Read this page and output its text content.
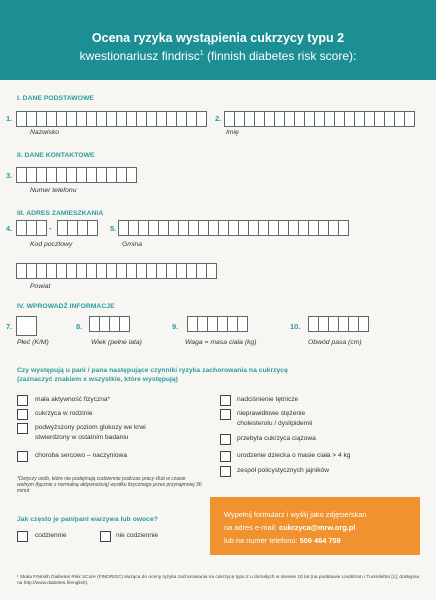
Ocena ryzyka wystąpienia cukrzycy typu 2
kwestionariusz findrisc$^1$ (finnish diabetes risk score):
I. DANE PODSTAWOWE
1.
Nazwisko
2.
Imię
II. DANE KONTAKTOWE
3.
Numer telefonu
III. ADRES ZAMIESZKANIA
4.	-
Kod pocztowy
5.
Gmina
Powiat
IV. WPROWADŹ INFORMACJE
7.
Płeć (K/M)
8.
Wiek (pełne lata)
9.
Waga = masa ciała (kg)
10.
Obwód pasa (cm)
Czy występują u pani / pana następujące czynniki ryzyka zachorowania na cukrzycę
(zaznaczyć znakiem x wszystkie, które występują)
mała aktywność fizyczna*
cukrzyca w rodzinie
podwyższony poziom glukozy we krwi
stwierdzony w ostatnim badaniu
choroba sercowo – naczyniowa
nadciśnienie tętnicze
nieprawidłowe stężenie
cholesterolu / dyslipidemii
przebyta cukrzyca ciążowa
urodzenie dziecka o masie ciała > 4 kg
zespół policystycznych jajników
*Dotyczy osób, które nie podejmują codziennie podczas pracy i/lub w czasie wolnym (łącznie z normalną aktywnością) wysiłku fizycznego przez przynajmniej 30 minut
Jak często je pan/pani warzywa lub owoce?
codziennie	nie codziennie
Wypełnij formularz i wyślij jako zdjęcie/skan
na adres e-mail: cukrzyca@mrw.org.pl
lub na numer telefonu: 506 464 759
¹ Skala FINnish Diabetes Risk SCore (FINDRISC) służąca do oceny ryzyka zachorowania na cukrzycę typu 2 u dorosłych w okresie 10 lat (na podstawie Lindstrom i Tuomilehto [1]; dostępna na http://www.diabetes.fi/english).
